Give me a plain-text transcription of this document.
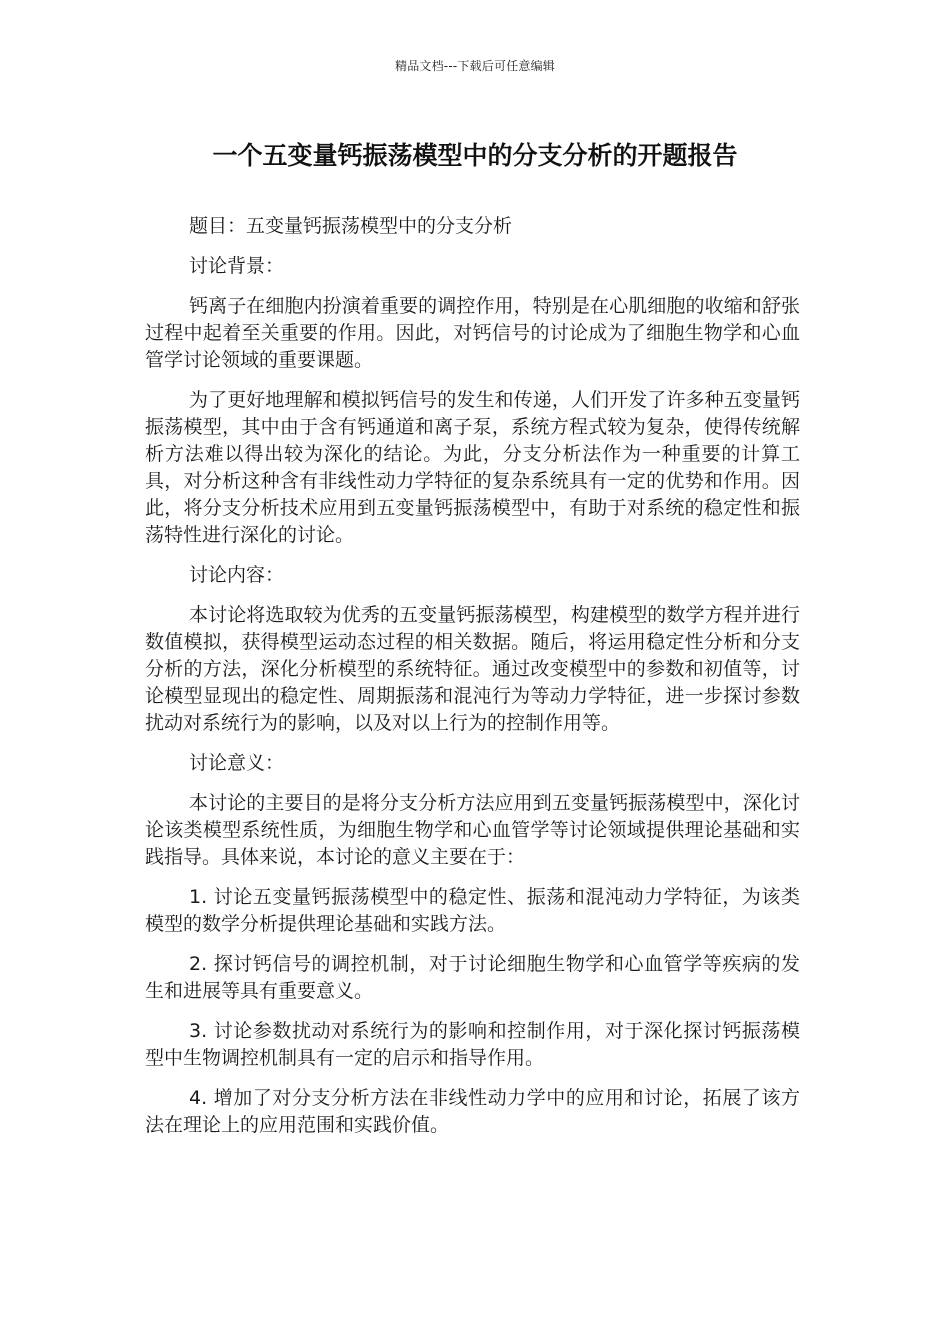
精品文档---下载后可任意编辑
一个五变量钙振荡模型中的分支分析的开题报告

题目：五变量钙振荡模型中的分支分析

讨论背景：

钙离子在细胞内扮演着重要的调控作用，特别是在心肌细胞的收缩和舒张过程中起着至关重要的作用。因此，对钙信号的讨论成为了细胞生物学和心血管学讨论领域的重要课题。

为了更好地理解和模拟钙信号的发生和传递，人们开发了许多种五变量钙振荡模型，其中由于含有钙通道和离子泵，系统方程式较为复杂，使得传统解析方法难以得出较为深化的结论。为此，分支分析法作为一种重要的计算工具，对分析这种含有非线性动力学特征的复杂系统具有一定的优势和作用。因此，将分支分析技术应用到五变量钙振荡模型中，有助于对系统的稳定性和振荡特性进行深化的讨论。

讨论内容：

本讨论将选取较为优秀的五变量钙振荡模型，构建模型的数学方程并进行数值模拟，获得模型运动态过程的相关数据。随后，将运用稳定性分析和分支分析的方法，深化分析模型的系统特征。通过改变模型中的参数和初值等，讨论模型显现出的稳定性、周期振荡和混沌行为等动力学特征，进一步探讨参数扰动对系统行为的影响，以及对以上行为的控制作用等。

讨论意义：

本讨论的主要目的是将分支分析方法应用到五变量钙振荡模型中，深化讨论该类模型系统性质，为细胞生物学和心血管学等讨论领域提供理论基础和实践指导。具体来说，本讨论的意义主要在于：

1. 讨论五变量钙振荡模型中的稳定性、振荡和混沌动力学特征，为该类模型的数学分析提供理论基础和实践方法。

2. 探讨钙信号的调控机制，对于讨论细胞生物学和心血管学等疾病的发生和进展等具有重要意义。

3. 讨论参数扰动对系统行为的影响和控制作用，对于深化探讨钙振荡模型中生物调控机制具有一定的启示和指导作用。

4. 增加了对分支分析方法在非线性动力学中的应用和讨论，拓展了该方法在理论上的应用范围和实践价值。
